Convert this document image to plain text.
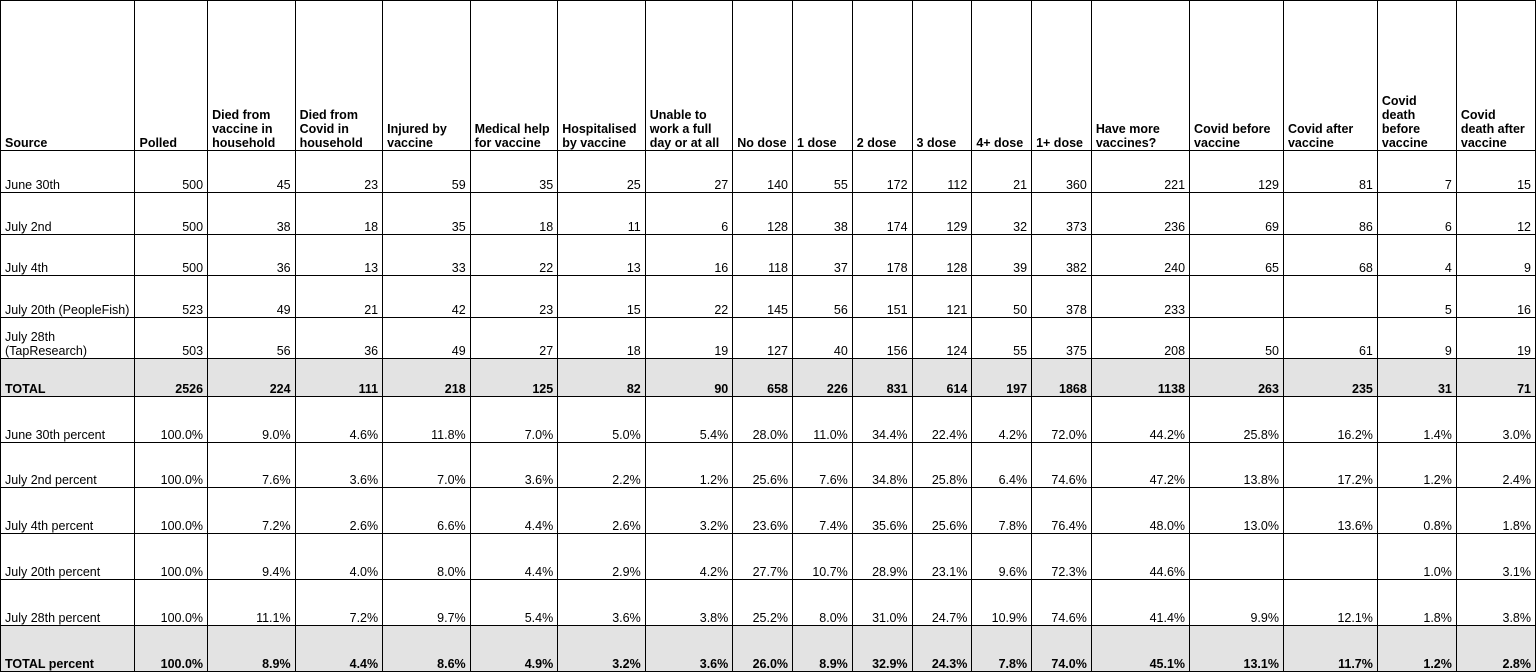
Source	Polled	Died from vaccine in household	Died from Covid in household	Injured by vaccine	Medical help for vaccine	Hospitalised by vaccine	Unable to work a full day or at all	No dose	1 dose	2 dose	3 dose	4+ dose	1+ dose	Have more vaccines?	Covid before vaccine	Covid after vaccine	Covid death before vaccine	Covid death after vaccine
June 30th	500	45	23	59	35	25	27	140	55	172	112	21	360	221	129	81	7	15
July 2nd	500	38	18	35	18	11	6	128	38	174	129	32	373	236	69	86	6	12
July 4th	500	36	13	33	22	13	16	118	37	178	128	39	382	240	65	68	4	9
July 20th (PeopleFish)	523	49	21	42	23	15	22	145	56	151	121	50	378	233			5	16
July 28th (TapResearch)	503	56	36	49	27	18	19	127	40	156	124	55	375	208	50	61	9	19
TOTAL	2526	224	111	218	125	82	90	658	226	831	614	197	1868	1138	263	235	31	71
June 30th percent	100.0%	9.0%	4.6%	11.8%	7.0%	5.0%	5.4%	28.0%	11.0%	34.4%	22.4%	4.2%	72.0%	44.2%	25.8%	16.2%	1.4%	3.0%
July 2nd percent	100.0%	7.6%	3.6%	7.0%	3.6%	2.2%	1.2%	25.6%	7.6%	34.8%	25.8%	6.4%	74.6%	47.2%	13.8%	17.2%	1.2%	2.4%
July 4th percent	100.0%	7.2%	2.6%	6.6%	4.4%	2.6%	3.2%	23.6%	7.4%	35.6%	25.6%	7.8%	76.4%	48.0%	13.0%	13.6%	0.8%	1.8%
July 20th percent	100.0%	9.4%	4.0%	8.0%	4.4%	2.9%	4.2%	27.7%	10.7%	28.9%	23.1%	9.6%	72.3%	44.6%			1.0%	3.1%
July 28th percent	100.0%	11.1%	7.2%	9.7%	5.4%	3.6%	3.8%	25.2%	8.0%	31.0%	24.7%	10.9%	74.6%	41.4%	9.9%	12.1%	1.8%	3.8%
TOTAL percent	100.0%	8.9%	4.4%	8.6%	4.9%	3.2%	3.6%	26.0%	8.9%	32.9%	24.3%	7.8%	74.0%	45.1%	13.1%	11.7%	1.2%	2.8%
